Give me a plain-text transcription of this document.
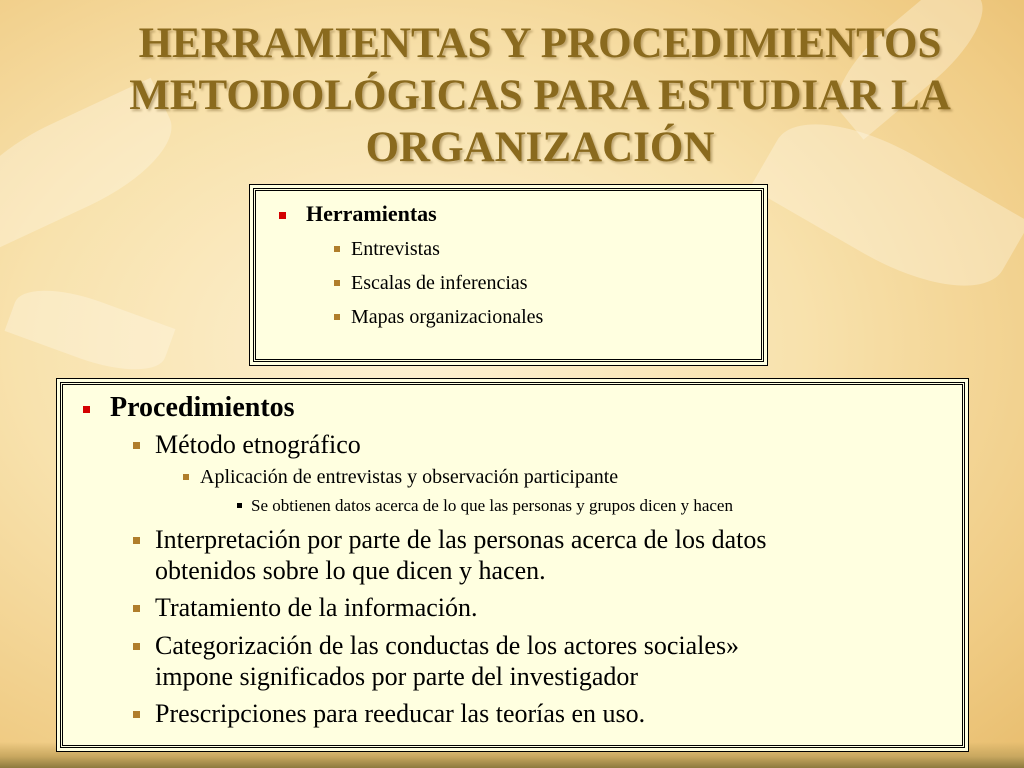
HERRAMIENTAS Y PROCEDIMIENTOS
METODOLÓGICAS PARA ESTUDIAR LA
ORGANIZACIÓN
Herramientas
Entrevistas
Escalas de inferencias
Mapas organizacionales
Procedimientos
Método etnográfico
Aplicación de entrevistas y observación participante
Se obtienen datos acerca de lo que las personas y grupos dicen y hacen
Interpretación por parte de las personas acerca de los datos
obtenidos sobre lo que dicen y hacen.
Tratamiento de la información.
Categorización de las conductas de los actores sociales»
impone significados por parte del investigador
Prescripciones para reeducar las teorías en uso.
